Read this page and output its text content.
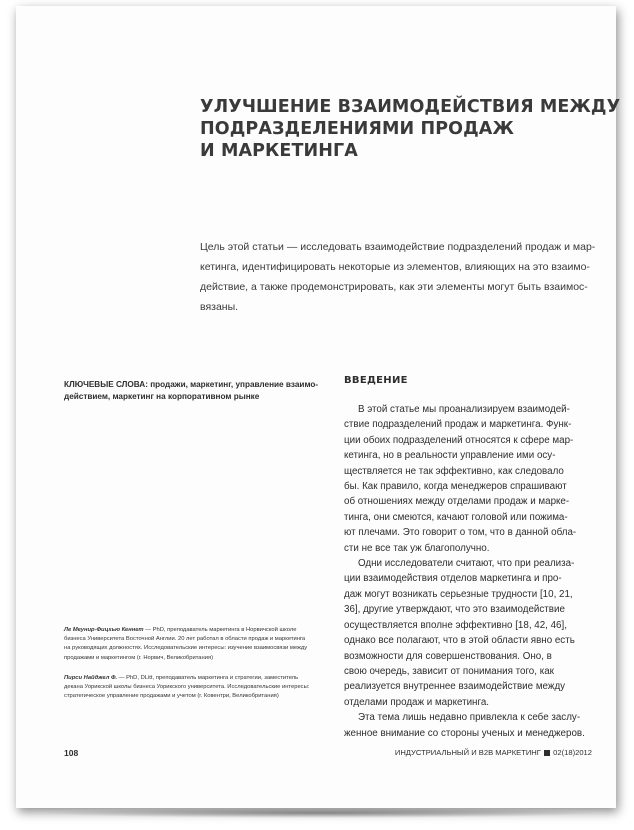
УЛУЧШЕНИЕ ВЗАИМОДЕЙСТВИЯ МЕЖДУ
ПОДРАЗДЕЛЕНИЯМИ ПРОДАЖ
И МАРКЕТИНГА
Цель этой статьи — исследовать взаимодействие подразделений продаж и мар-
кетинга, идентифицировать некоторые из элементов, влияющих на это взаимо-
действие, а также продемонстрировать, как эти элементы могут быть взаимос-
вязаны.
КЛЮЧЕВЫЕ СЛОВА: продажи, маркетинг, управление взаимо-
действием, маркетинг на корпоративном рынке
Ле Меунир-Фицхью Кеннет — PhD, преподаватель маркетинга в Норвичской школе
бизнеса Университета Восточной Англии. 20 лет работал в области продаж и маркетинга
на руководящих должностях. Исследовательские интересы: изучение взаимосвязи между
продажами и маркетингом (г. Норвич, Великобритания)
Пирси Найджел Ф. — PhD, DLitt, преподаватель маркетинга и стратегии, заместитель
декана Уорикской школы бизнеса Уорикского университета. Исследовательские интересы:
стратегическое управление продажами и учетом (г. Ковентри, Великобритания)
ВВЕДЕНИЕ
В этой статье мы проанализируем взаимодей-
ствие подразделений продаж и маркетинга. Функ-
ции обоих подразделений относятся к сфере мар-
кетинга, но в реальности управление ими осу-
ществляется не так эффективно, как следовало
бы. Как правило, когда менеджеров спрашивают
об отношениях между отделами продаж и марке-
тинга, они смеются, качают головой или пожима-
ют плечами. Это говорит о том, что в данной обла-
сти не все так уж благополучно.
Одни исследователи считают, что при реализа-
ции взаимодействия отделов маркетинга и про-
даж могут возникать серьезные трудности [10, 21,
36], другие утверждают, что это взаимодействие
осуществляется вполне эффективно [18, 42, 46],
однако все полагают, что в этой области явно есть
возможности для совершенствования. Оно, в
свою очередь, зависит от понимания того, как
реализуется внутреннее взаимодействие между
отделами продаж и маркетинга.
Эта тема лишь недавно привлекла к себе заслу-
женное внимание со стороны ученых и менеджеров.
108	ИНДУСТРИАЛЬНЫЙ И B2B МАРКЕТИНГ 02(18)2012
